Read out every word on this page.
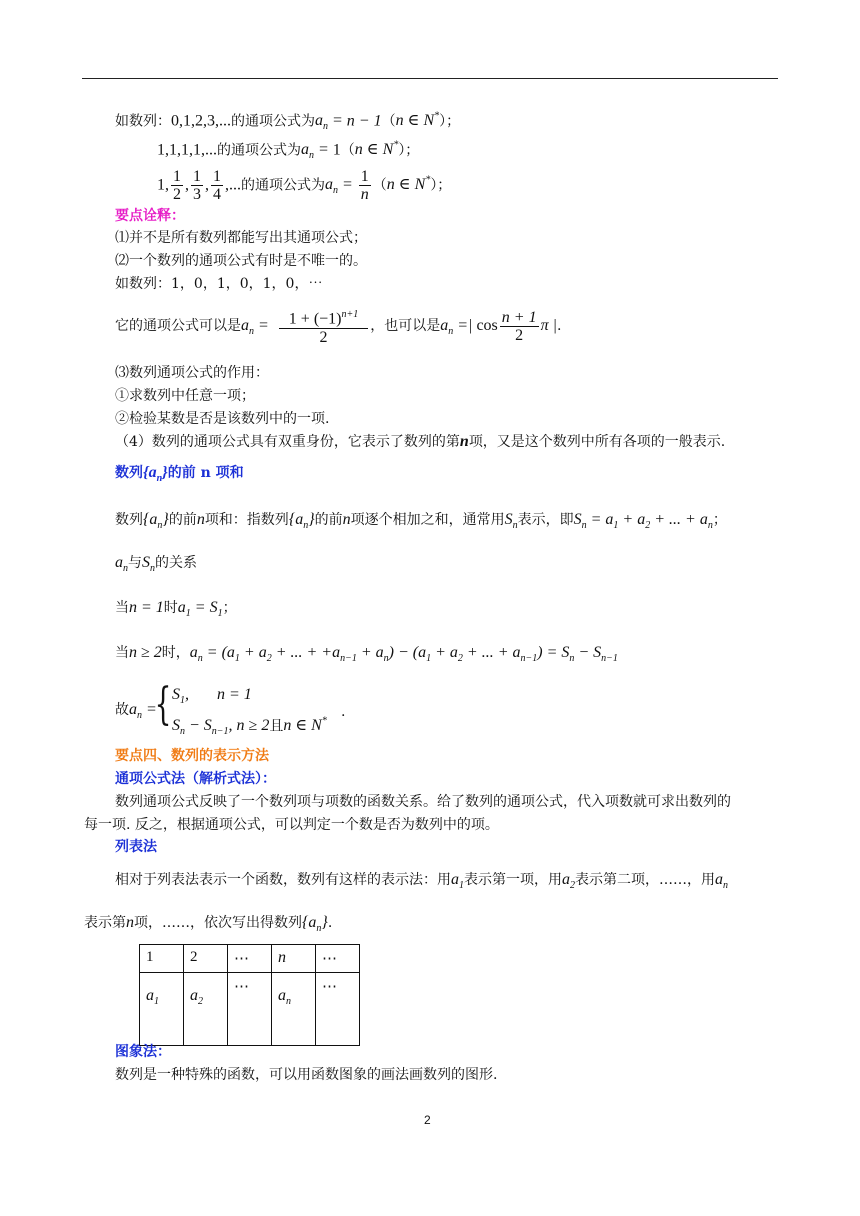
如数列：0,1,2,3,...的通项公式为$a_n = n - 1(n$ ∈ N*）；
1,1,1,1,...的通项公式为$a_n = 1(n$ ∈ N*）；
1, $\frac{1}{2}$ , $\frac{1}{3}$ , $\frac{1}{4}$ ,...的通项公式为$a_n = \frac{1}{n} (n$ ∈ N*）；
要点诠释：
⑴并不是所有数列都能写出其通项公式；
⑵一个数列的通项公式有时是不唯一的。
如数列：1，0，1，0，1，0，⋯
它的通项公式可以是$a_n = \frac{1 + (-1)^{n+1}}{2}$ ，也可以是$a_n$ =| $\cos \frac{n + 1}{2}$ π |.
⑶数列通项公式的作用：
①求数列中任意一项；
②检验某数是否是该数列中的一项.
（4）数列的通项公式具有双重身份，它表示了数列的第n项，又是这个数列中所有各项的一般表示.
数列$\{a_n\}$的前 n 项和
数列$\{a_n\}$的前n项和：指数列$\{a_n\}$的前n项逐个相加之和，通常用$S_n$表示，即$S_n = a_1 + a_2$ + ... + $a_n$；
$a_n$与$S_n$的关系
当n = 1时$a_1 = S_1$；
当n ≥ 2时，$a_n = (a_1 + a_2$ + ... + $+a_{n-1} + a_n) - (a_1 + a_2$ + ... + $a_{n-1}) = S_n - S_{n-1}$
故$a_n$ =
{ $S_1$,       n = 1
$S_n - S_{n-1}$, n ≥ 2且n ∈ N*
.
要点四、数列的表示方法
通项公式法（解析式法）：
数列通项公式反映了一个数列项与项数的函数关系。给了数列的通项公式，代入项数就可求出数列的
每一项. 反之，根据通项公式，可以判定一个数是否为数列中的项。
列表法
相对于列表法表示一个函数，数列有这样的表示法：用$a_1$表示第一项，用$a_2$表示第二项，……，用$a_n$
表示第n项，……，依次写出得数列$\{a_n\}$.
1	2	⋯	n	⋯
$a_1$	$a_2$	⋯	$a_n$	⋯
图象法：
数列是一种特殊的函数，可以用函数图象的画法画数列的图形.
2
